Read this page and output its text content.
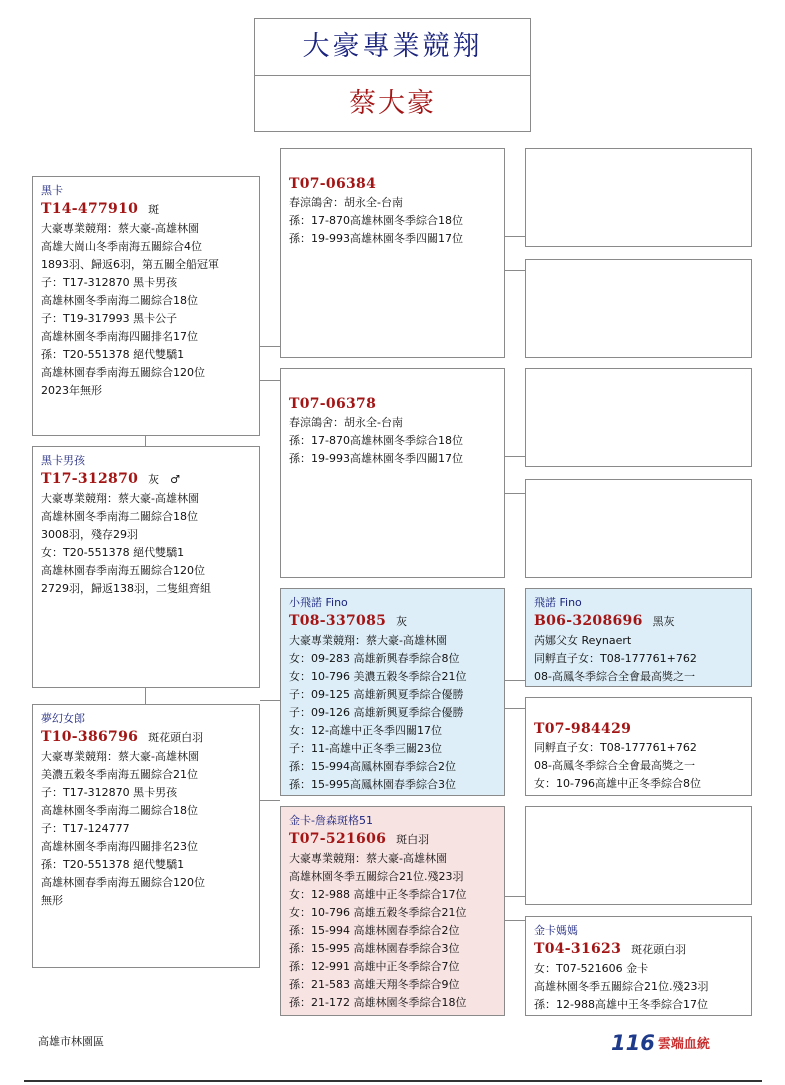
大豪專業競翔
蔡大豪
黑卡
T14-477910 斑
大豪專業競翔：蔡大豪-高雄林園
高雄大崗山冬季南海五關綜合4位
1893羽、歸返6羽，第五關全船冠軍
子：T17-312870 黑卡男孩
高雄林園冬季南海二關綜合18位
子：T19-317993 黑卡公子
高雄林園冬季南海四關排名17位
孫：T20-551378 絕代雙驕1
高雄林園春季南海五關綜合120位
2023年無形
黑卡男孩
T17-312870 灰　♂
大豪專業競翔：蔡大豪-高雄林園
高雄林園冬季南海二關綜合18位
3008羽，殘存29羽
女：T20-551378 絕代雙驕1
高雄林園春季南海五關綜合120位
2729羽，歸返138羽，二隻組齊組
夢幻女郎
T10-386796 斑花頭白羽
大豪專業競翔：蔡大豪-高雄林園
美濃五穀冬季南海五關綜合21位
子：T17-312870 黑卡男孩
高雄林園冬季南海二關綜合18位
子：T17-124777
高雄林園冬季南海四關排名23位
孫：T20-551378 絕代雙驕1
高雄林園春季南海五關綜合120位
無形
T07-06384
春涼鴿舍：胡永全-台南
孫：17-870高雄林園冬季綜合18位
孫：19-993高雄林園冬季四關17位
T07-06378
春涼鴿舍：胡永全-台南
孫：17-870高雄林園冬季綜合18位
孫：19-993高雄林園冬季四關17位
小飛諾 Fino
T08-337085 灰
大豪專業競翔：蔡大豪-高雄林園
女：09-283 高雄新興春季綜合8位
女：10-796 美濃五穀冬季綜合21位
子：09-125 高雄新興夏季綜合優勝
子：09-126 高雄新興夏季綜合優勝
女：12-高雄中正冬季四關17位
子：11-高雄中正冬季三關23位
孫：15-994高鳳林園春季綜合2位
孫：15-995高鳳林園春季綜合3位
金卡-詹森斑格51
T07-521606 斑白羽
大豪專業競翔：蔡大豪-高雄林園
高雄林園冬季五關綜合21位.殘23羽
女：12-988 高雄中正冬季綜合17位
女：10-796 高雄五穀冬季綜合21位
孫：15-994 高雄林園春季綜合2位
孫：15-995 高雄林園春季綜合3位
孫：12-991 高雄中正冬季綜合7位
孫：21-583 高雄天翔冬季綜合9位
孫：21-172 高雄林園冬季綜合18位
飛諾 Fino
B06-3208696 黑灰
芮娜父女 Reynaert
同孵直子女：T08-177761+762
08-高鳳冬季綜合全會最高獎之一
T07-984429
同孵直子女：T08-177761+762
08-高鳳冬季綜合全會最高獎之一
女：10-796高雄中正冬季綜合8位
金卡媽媽
T04-31623 斑花頭白羽
女：T07-521606 金卡
高雄林園冬季五關綜合21位.殘23羽
孫：12-988高雄中王冬季綜合17位
高雄市林園區	116 雲端血統
